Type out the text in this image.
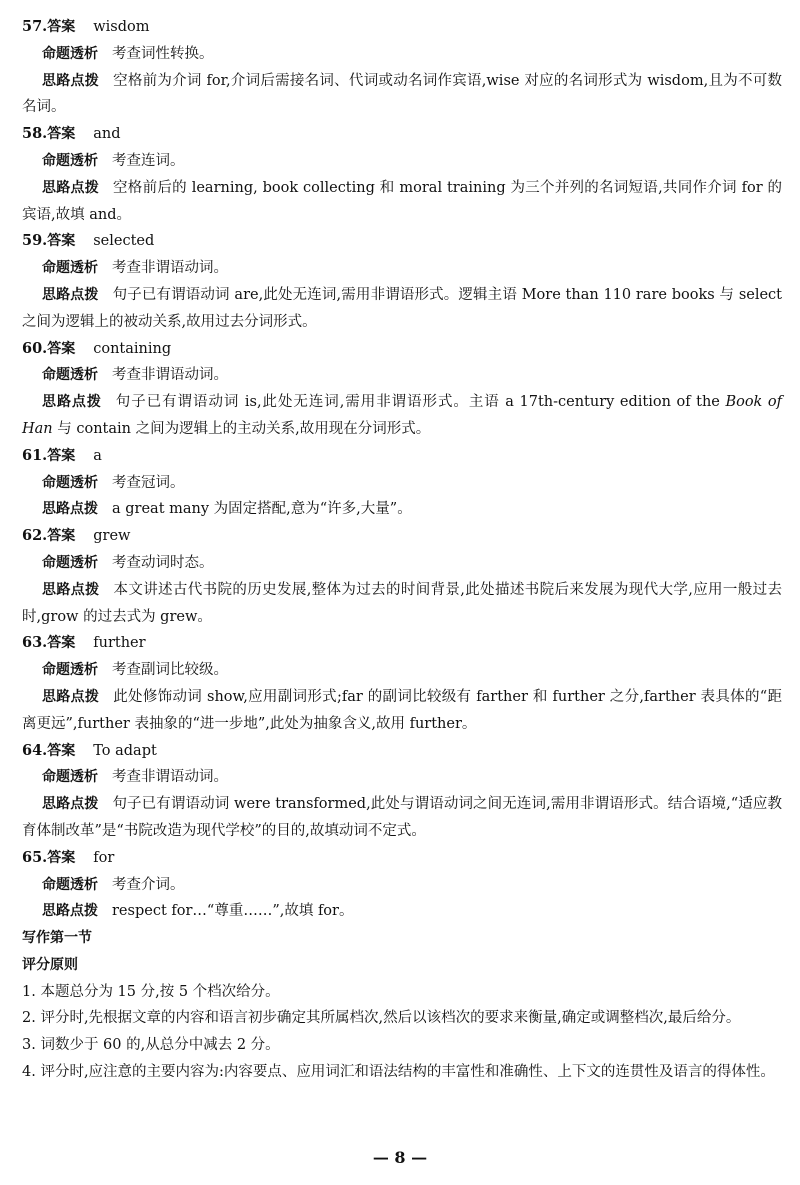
57.答案 wisdom
命题透析 考查词性转换。
思路点拨 空格前为介词 for,介词后需接名词、代词或动名词作宾语,wise 对应的名词形式为 wisdom,且为不可数名词。
58.答案 and
命题透析 考查连词。
思路点拨 空格前后的 learning, book collecting 和 moral training 为三个并列的名词短语,共同作介词 for 的宾语,故填 and。
59.答案 selected
命题透析 考查非谓语动词。
思路点拨 句子已有谓语动词 are,此处无连词,需用非谓语形式。逻辑主语 More than 110 rare books 与 select 之间为逻辑上的被动关系,故用过去分词形式。
60.答案 containing
命题透析 考查非谓语动词。
思路点拨 句子已有谓语动词 is,此处无连词,需用非谓语形式。主语 a 17th-century edition of the Book of Han 与 contain 之间为逻辑上的主动关系,故用现在分词形式。
61.答案 a
命题透析 考查冠词。
思路点拨 a great many 为固定搭配,意为“许多,大量”。
62.答案 grew
命题透析 考查动词时态。
思路点拨 本文讲述古代书院的历史发展,整体为过去的时间背景,此处描述书院后来发展为现代大学,应用一般过去时,grow 的过去式为 grew。
63.答案 further
命题透析 考查副词比较级。
思路点拨 此处修饰动词 show,应用副词形式;far 的副词比较级有 farther 和 further 之分,farther 表具体的“距离更远”,further 表抽象的“进一步地”,此处为抽象含义,故用 further。
64.答案 To adapt
命题透析 考查非谓语动词。
思路点拨 句子已有谓语动词 were transformed,此处与谓语动词之间无连词,需用非谓语形式。结合语境,“适应教育体制改革”是“书院改造为现代学校”的目的,故填动词不定式。
65.答案 for
命题透析 考查介词。
思路点拨 respect for…“尊重……”,故填 for。
写作第一节
评分原则
1. 本题总分为 15 分,按 5 个档次给分。
2. 评分时,先根据文章的内容和语言初步确定其所属档次,然后以该档次的要求来衡量,确定或调整档次,最后给分。
3. 词数少于 60 的,从总分中减去 2 分。
4. 评分时,应注意的主要内容为:内容要点、应用词汇和语法结构的丰富性和准确性、上下文的连贯性及语言的得体性。
— 8 —
